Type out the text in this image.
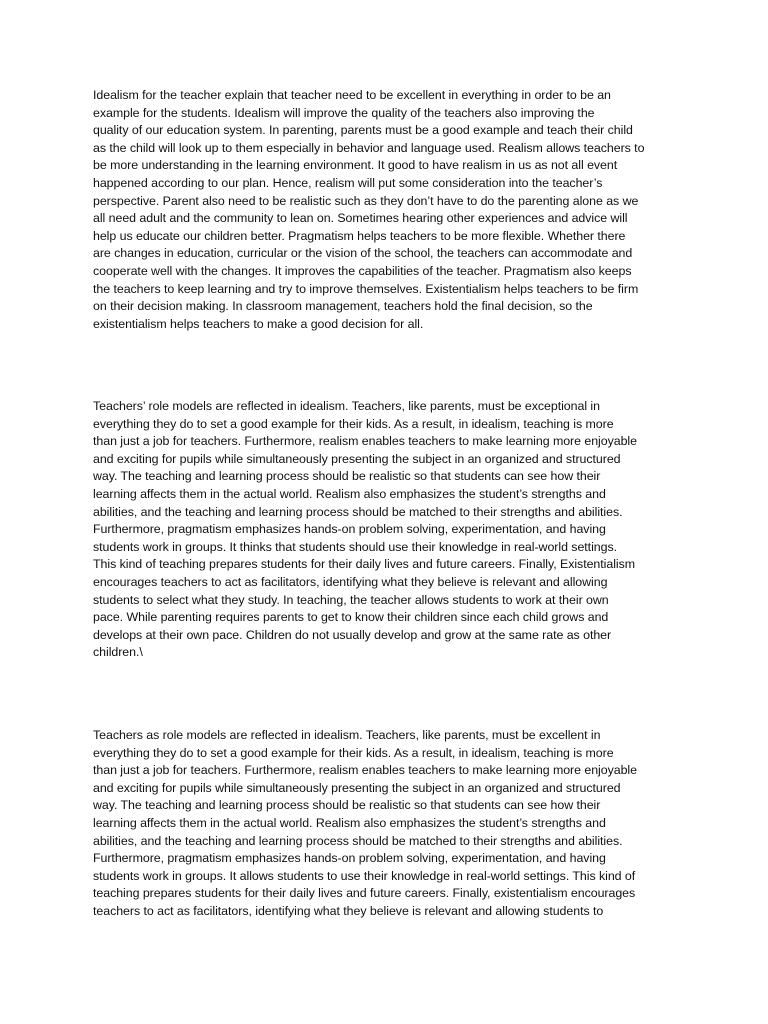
Idealism for the teacher explain that teacher need to be excellent in everything in order to be an
example for the students. Idealism will improve the quality of the teachers also improving the
quality of our education system. In parenting, parents must be a good example and teach their child
as the child will look up to them especially in behavior and language used. Realism allows teachers to
be more understanding in the learning environment. It good to have realism in us as not all event
happened according to our plan. Hence, realism will put some consideration into the teacher’s
perspective. Parent also need to be realistic such as they don’t have to do the parenting alone as we
all need adult and the community to lean on. Sometimes hearing other experiences and advice will
help us educate our children better. Pragmatism helps teachers to be more flexible. Whether there
are changes in education, curricular or the vision of the school, the teachers can accommodate and
cooperate well with the changes. It improves the capabilities of the teacher. Pragmatism also keeps
the teachers to keep learning and try to improve themselves. Existentialism helps teachers to be firm
on their decision making. In classroom management, teachers hold the final decision, so the
existentialism helps teachers to make a good decision for all.

Teachers’ role models are reflected in idealism. Teachers, like parents, must be exceptional in
everything they do to set a good example for their kids. As a result, in idealism, teaching is more
than just a job for teachers. Furthermore, realism enables teachers to make learning more enjoyable
and exciting for pupils while simultaneously presenting the subject in an organized and structured
way. The teaching and learning process should be realistic so that students can see how their
learning affects them in the actual world. Realism also emphasizes the student’s strengths and
abilities, and the teaching and learning process should be matched to their strengths and abilities.
Furthermore, pragmatism emphasizes hands-on problem solving, experimentation, and having
students work in groups. It thinks that students should use their knowledge in real-world settings.
This kind of teaching prepares students for their daily lives and future careers. Finally, Existentialism
encourages teachers to act as facilitators, identifying what they believe is relevant and allowing
students to select what they study. In teaching, the teacher allows students to work at their own
pace. While parenting requires parents to get to know their children since each child grows and
develops at their own pace. Children do not usually develop and grow at the same rate as other
children.\

Teachers as role models are reflected in idealism. Teachers, like parents, must be excellent in
everything they do to set a good example for their kids. As a result, in idealism, teaching is more
than just a job for teachers. Furthermore, realism enables teachers to make learning more enjoyable
and exciting for pupils while simultaneously presenting the subject in an organized and structured
way. The teaching and learning process should be realistic so that students can see how their
learning affects them in the actual world. Realism also emphasizes the student’s strengths and
abilities, and the teaching and learning process should be matched to their strengths and abilities.
Furthermore, pragmatism emphasizes hands-on problem solving, experimentation, and having
students work in groups. It allows students to use their knowledge in real-world settings. This kind of
teaching prepares students for their daily lives and future careers. Finally, existentialism encourages
teachers to act as facilitators, identifying what they believe is relevant and allowing students to
